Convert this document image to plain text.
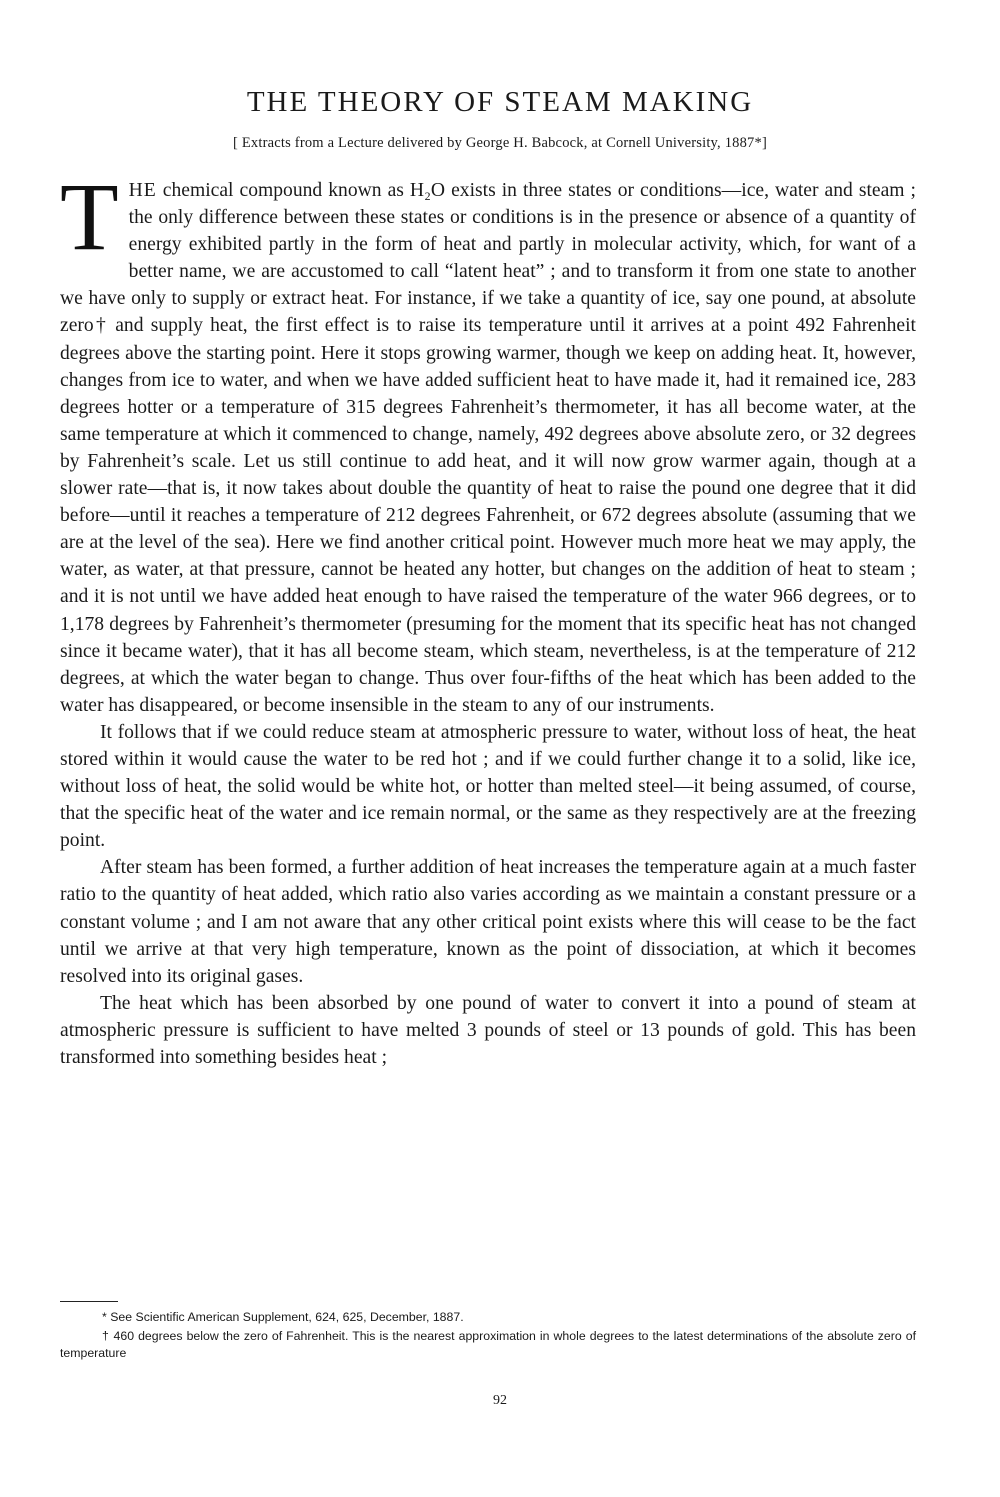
THE THEORY OF STEAM MAKING
[ Extracts from a Lecture delivered by George H. Babcock, at Cornell University, 1887*]

THE chemical compound known as H₂O exists in three states or conditions—ice, water and steam ; the only difference between these states or conditions is in the presence or absence of a quantity of energy exhibited partly in the form of heat and partly in molecular activity, which, for want of a better name, we are accustomed to call “latent heat” ; and to transform it from one state to another we have only to supply or extract heat. For instance, if we take a quantity of ice, say one pound, at absolute zero† and supply heat, the first effect is to raise its temperature until it arrives at a point 492 Fahrenheit degrees above the starting point. Here it stops growing warmer, though we keep on adding heat. It, however, changes from ice to water, and when we have added sufficient heat to have made it, had it remained ice, 283 degrees hotter or a temperature of 315 degrees Fahrenheit’s thermometer, it has all become water, at the same temperature at which it commenced to change, namely, 492 degrees above absolute zero, or 32 degrees by Fahrenheit’s scale. Let us still continue to add heat, and it will now grow warmer again, though at a slower rate—that is, it now takes about double the quantity of heat to raise the pound one degree that it did before—until it reaches a temperature of 212 degrees Fahrenheit, or 672 degrees absolute (assuming that we are at the level of the sea). Here we find another critical point. However much more heat we may apply, the water, as water, at that pressure, cannot be heated any hotter, but changes on the addition of heat to steam ; and it is not until we have added heat enough to have raised the temperature of the water 966 degrees, or to 1,178 degrees by Fahrenheit’s thermometer (presuming for the moment that its specific heat has not changed since it became water), that it has all become steam, which steam, nevertheless, is at the temperature of 212 degrees, at which the water began to change. Thus over four-fifths of the heat which has been added to the water has disappeared, or become insensible in the steam to any of our instruments.

It follows that if we could reduce steam at atmospheric pressure to water, without loss of heat, the heat stored within it would cause the water to be red hot ; and if we could further change it to a solid, like ice, without loss of heat, the solid would be white hot, or hotter than melted steel—it being assumed, of course, that the specific heat of the water and ice remain normal, or the same as they respectively are at the freezing point.

After steam has been formed, a further addition of heat increases the temperature again at a much faster ratio to the quantity of heat added, which ratio also varies according as we maintain a constant pressure or a constant volume ; and I am not aware that any other critical point exists where this will cease to be the fact until we arrive at that very high temperature, known as the point of dissociation, at which it becomes resolved into its original gases.

The heat which has been absorbed by one pound of water to convert it into a pound of steam at atmospheric pressure is sufficient to have melted 3 pounds of steel or 13 pounds of gold. This has been transformed into something besides heat ;

* See Scientific American Supplement, 624, 625, December, 1887.

† 460 degrees below the zero of Fahrenheit. This is the nearest approximation in whole degrees to the latest determinations of the absolute zero of temperature

92
